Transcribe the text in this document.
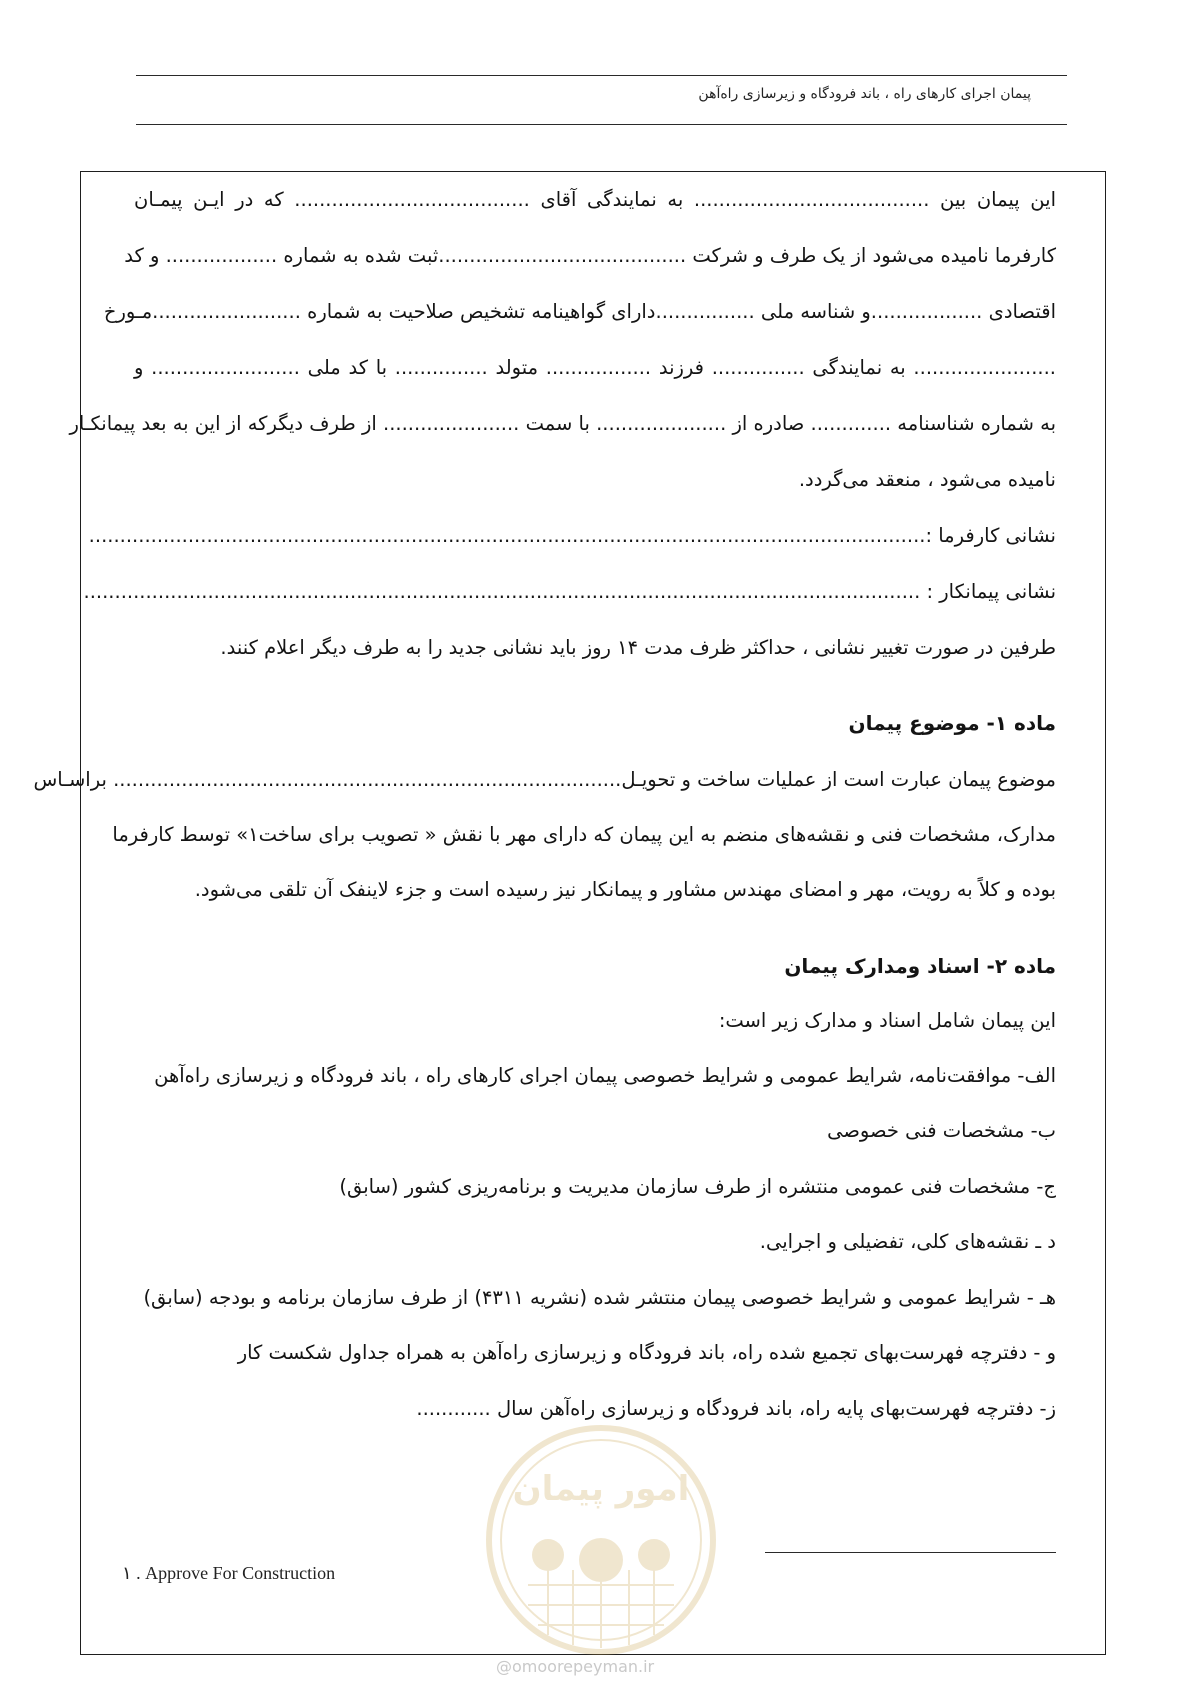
پیمان اجرای کارهای راه ، باند فرودگاه و زیرسازی راه‌آهن
این پیمان بین ...................................... به نمایندگی آقای ...................................... که در ایـن پیمـان
کارفرما نامیده می‌شود از یک طرف و شرکت ........................................ثبت شده به شماره .................. و کد
اقتصادی ..................و شناسه ملی ................دارای گواهینامه تشخیص صلاحیت به شماره ........................مـورخ
....................... به نمایندگی ............... فرزند ................. متولد ............... با کد ملی ........................ و
به شماره شناسنامه ............. صادره از ..................... با سمت ...................... از طرف دیگرکه از این به بعد پیمانکـار
نامیده می‌شود ، منعقد می‌گردد.
نشانی کارفرما :.......................................................................................................................................
نشانی پیمانکار : .......................................................................................................................................
طرفین در صورت تغییر نشانی ، حداکثر ظرف مدت ۱۴ روز باید نشانی جدید را به طرف دیگر اعلام کنند.
ماده ۱- موضوع پیمان
موضوع پیمان عبارت است از عملیات ساخت و تحویـل.................................................................................. براسـاس
مدارک، مشخصات فنی و نقشه‌های منضم به این پیمان که دارای مهر با نقش « تصویب برای ساخت۱» توسط کارفرما
بوده و کلاً به رویت، مهر و امضای مهندس مشاور و پیمانکار نیز رسیده است و جزء لاینفک آن تلقی می‌شود.
ماده ۲- اسناد ومدارک پیمان
این پیمان شامل اسناد و مدارک زیر است:
الف- موافقت‌نامه، شرایط عمومی و شرایط خصوصی پیمان اجرای کارهای راه ، باند فرودگاه و زیرسازی راه‌آهن
ب- مشخصات فنی خصوصی
ج- مشخصات فنی عمومی منتشره از طرف سازمان مدیریت و برنامه‌ریزی کشور (سابق)
د ـ نقشه‌های کلی، تفضیلی و اجرایی.
هـ - شرایط عمومی و شرایط خصوصی پیمان منتشر شده (نشریه ۴۳۱۱) از طرف سازمان برنامه و بودجه (سابق)
و - دفترچه فهرست‌بهای تجمیع شده راه، باند فرودگاه و زیرسازی راه‌آهن به همراه جداول شکست کار
ز- دفترچه فهرست‌بهای پایه راه، باند فرودگاه و زیرسازی راه‌آهن سال ............
امور پیمان
@omoorepeyman.ir
۱ . Approve For Construction
